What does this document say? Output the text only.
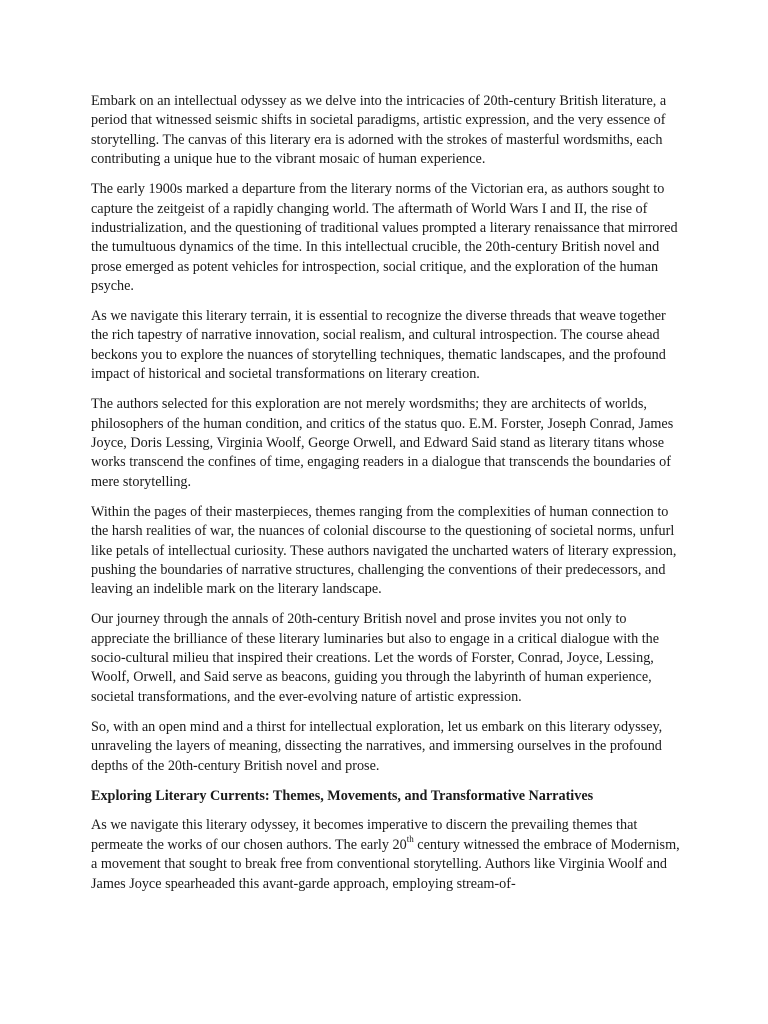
Embark on an intellectual odyssey as we delve into the intricacies of 20th-century British literature, a period that witnessed seismic shifts in societal paradigms, artistic expression, and the very essence of storytelling. The canvas of this literary era is adorned with the strokes of masterful wordsmiths, each contributing a unique hue to the vibrant mosaic of human experience.

The early 1900s marked a departure from the literary norms of the Victorian era, as authors sought to capture the zeitgeist of a rapidly changing world. The aftermath of World Wars I and II, the rise of industrialization, and the questioning of traditional values prompted a literary renaissance that mirrored the tumultuous dynamics of the time. In this intellectual crucible, the 20th-century British novel and prose emerged as potent vehicles for introspection, social critique, and the exploration of the human psyche.

As we navigate this literary terrain, it is essential to recognize the diverse threads that weave together the rich tapestry of narrative innovation, social realism, and cultural introspection. The course ahead beckons you to explore the nuances of storytelling techniques, thematic landscapes, and the profound impact of historical and societal transformations on literary creation.

The authors selected for this exploration are not merely wordsmiths; they are architects of worlds, philosophers of the human condition, and critics of the status quo. E.M. Forster, Joseph Conrad, James Joyce, Doris Lessing, Virginia Woolf, George Orwell, and Edward Said stand as literary titans whose works transcend the confines of time, engaging readers in a dialogue that transcends the boundaries of mere storytelling.

Within the pages of their masterpieces, themes ranging from the complexities of human connection to the harsh realities of war, the nuances of colonial discourse to the questioning of societal norms, unfurl like petals of intellectual curiosity. These authors navigated the uncharted waters of literary expression, pushing the boundaries of narrative structures, challenging the conventions of their predecessors, and leaving an indelible mark on the literary landscape.

Our journey through the annals of 20th-century British novel and prose invites you not only to appreciate the brilliance of these literary luminaries but also to engage in a critical dialogue with the socio-cultural milieu that inspired their creations. Let the words of Forster, Conrad, Joyce, Lessing, Woolf, Orwell, and Said serve as beacons, guiding you through the labyrinth of human experience, societal transformations, and the ever-evolving nature of artistic expression.

So, with an open mind and a thirst for intellectual exploration, let us embark on this literary odyssey, unraveling the layers of meaning, dissecting the narratives, and immersing ourselves in the profound depths of the 20th-century British novel and prose.

Exploring Literary Currents: Themes, Movements, and Transformative Narratives

As we navigate this literary odyssey, it becomes imperative to discern the prevailing themes that permeate the works of our chosen authors. The early 20th century witnessed the embrace of Modernism, a movement that sought to break free from conventional storytelling. Authors like Virginia Woolf and James Joyce spearheaded this avant-garde approach, employing stream-of-
